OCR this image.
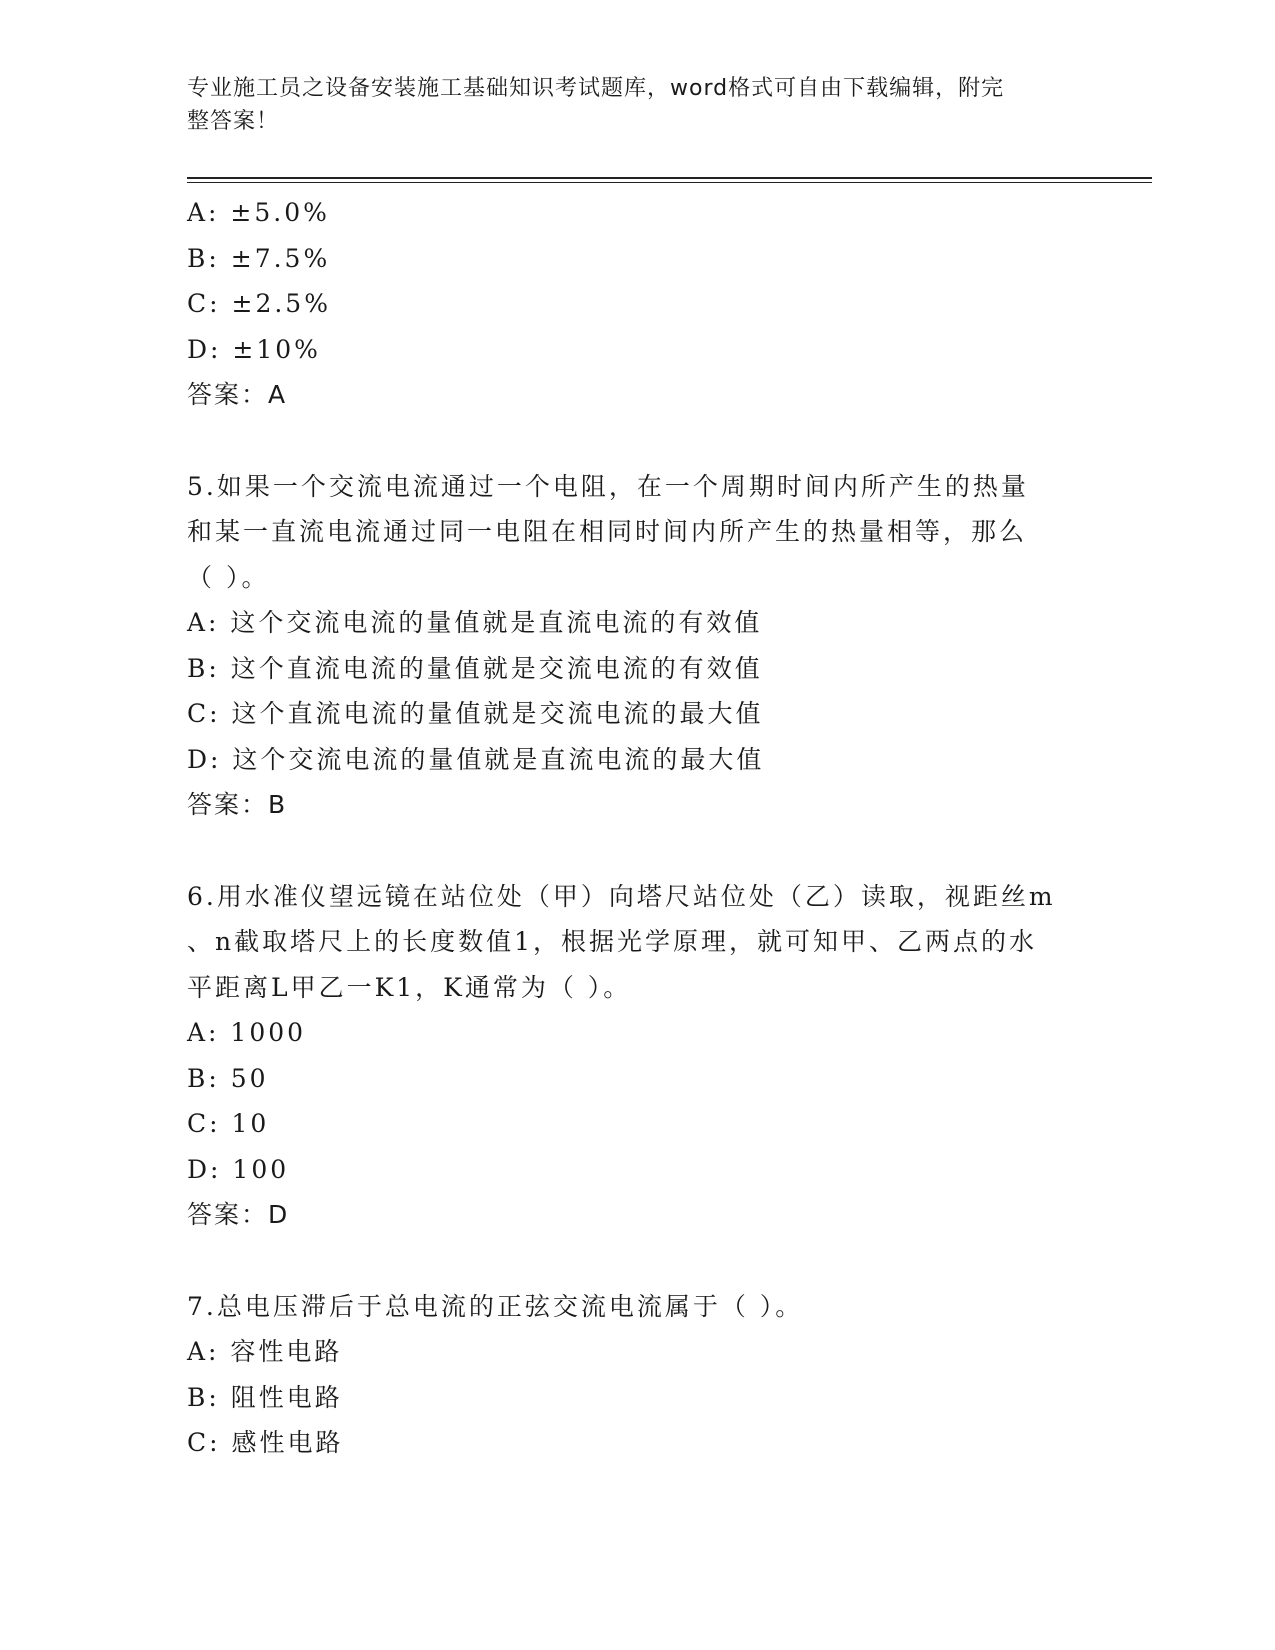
专业施工员之设备安装施工基础知识考试题库，word格式可自由下载编辑，附完
整答案！
A: ±5.0%
B: ±7.5%
C: ±2.5%
D: ±10%
答案：A
5.如果一个交流电流通过一个电阻，在一个周期时间内所产生的热量
和某一直流电流通过同一电阻在相同时间内所产生的热量相等，那么
（ ）。
A: 这个交流电流的量值就是直流电流的有效值
B: 这个直流电流的量值就是交流电流的有效值
C: 这个直流电流的量值就是交流电流的最大值
D: 这个交流电流的量值就是直流电流的最大值
答案：B
6.用水准仪望远镜在站位处（甲）向塔尺站位处（乙）读取，视距丝m
、n截取塔尺上的长度数值1，根据光学原理，就可知甲、乙两点的水
平距离L甲乙一K1，K通常为（ ）。
A: 1000
B: 50
C: 10
D: 100
答案：D
7.总电压滞后于总电流的正弦交流电流属于（ ）。
A: 容性电路
B: 阻性电路
C: 感性电路
